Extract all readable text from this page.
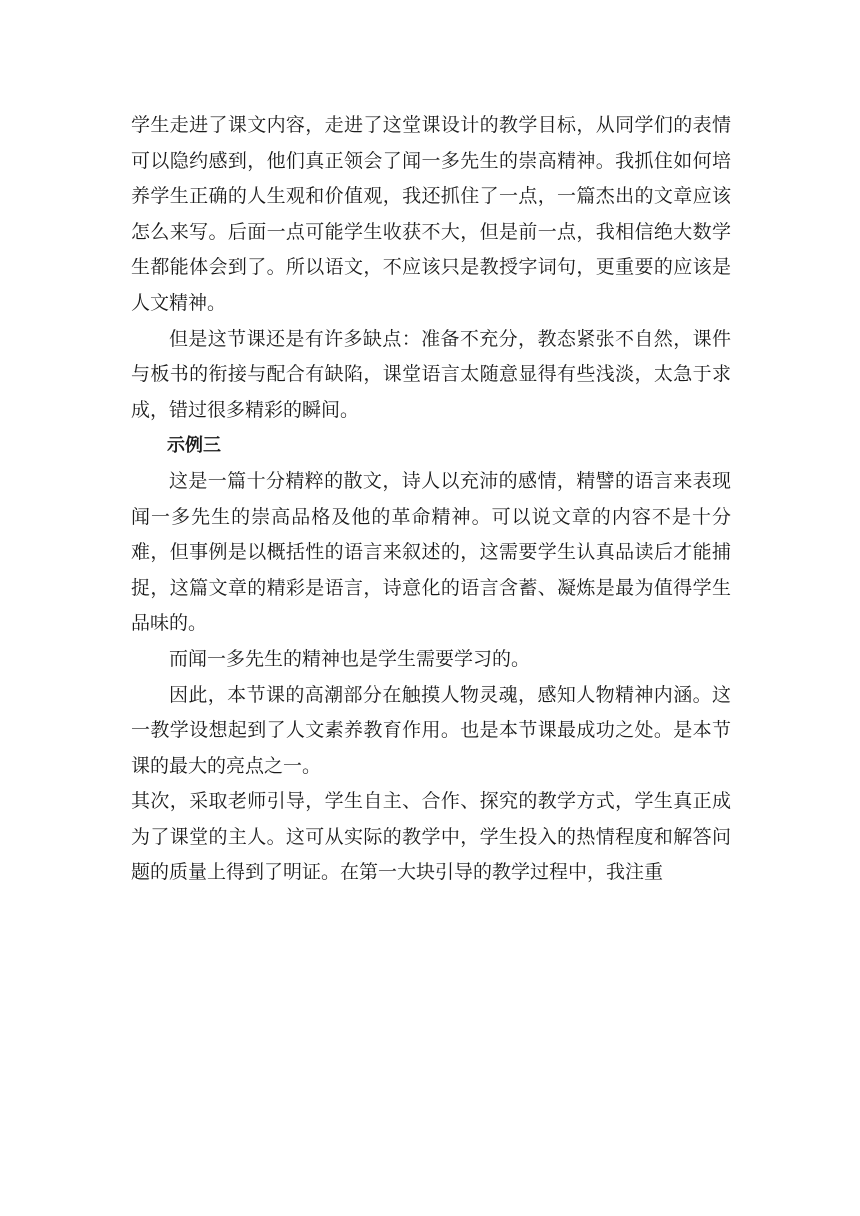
学生走进了课文内容，走进了这堂课设计的教学目标，从同学们的表情可以隐约感到，他们真正领会了闻一多先生的崇高精神。我抓住如何培养学生正确的人生观和价值观，我还抓住了一点，一篇杰出的文章应该怎么来写。后面一点可能学生收获不大，但是前一点，我相信绝大数学生都能体会到了。所以语文，不应该只是教授字词句，更重要的应该是人文精神。

但是这节课还是有许多缺点：准备不充分，教态紧张不自然，课件与板书的衔接与配合有缺陷，课堂语言太随意显得有些浅淡，太急于求成，错过很多精彩的瞬间。

示例三

这是一篇十分精粹的散文，诗人以充沛的感情，精譬的语言来表现闻一多先生的崇高品格及他的革命精神。可以说文章的内容不是十分难，但事例是以概括性的语言来叙述的，这需要学生认真品读后才能捕捉，这篇文章的精彩是语言，诗意化的语言含蓄、凝炼是最为值得学生品味的。

而闻一多先生的精神也是学生需要学习的。

因此，本节课的高潮部分在触摸人物灵魂，感知人物精神内涵。这一教学设想起到了人文素养教育作用。也是本节课最成功之处。是本节课的最大的亮点之一。

其次，采取老师引导，学生自主、合作、探究的教学方式，学生真正成为了课堂的主人。这可从实际的教学中，学生投入的热情程度和解答问题的质量上得到了明证。在第一大块引导的教学过程中，我注重
